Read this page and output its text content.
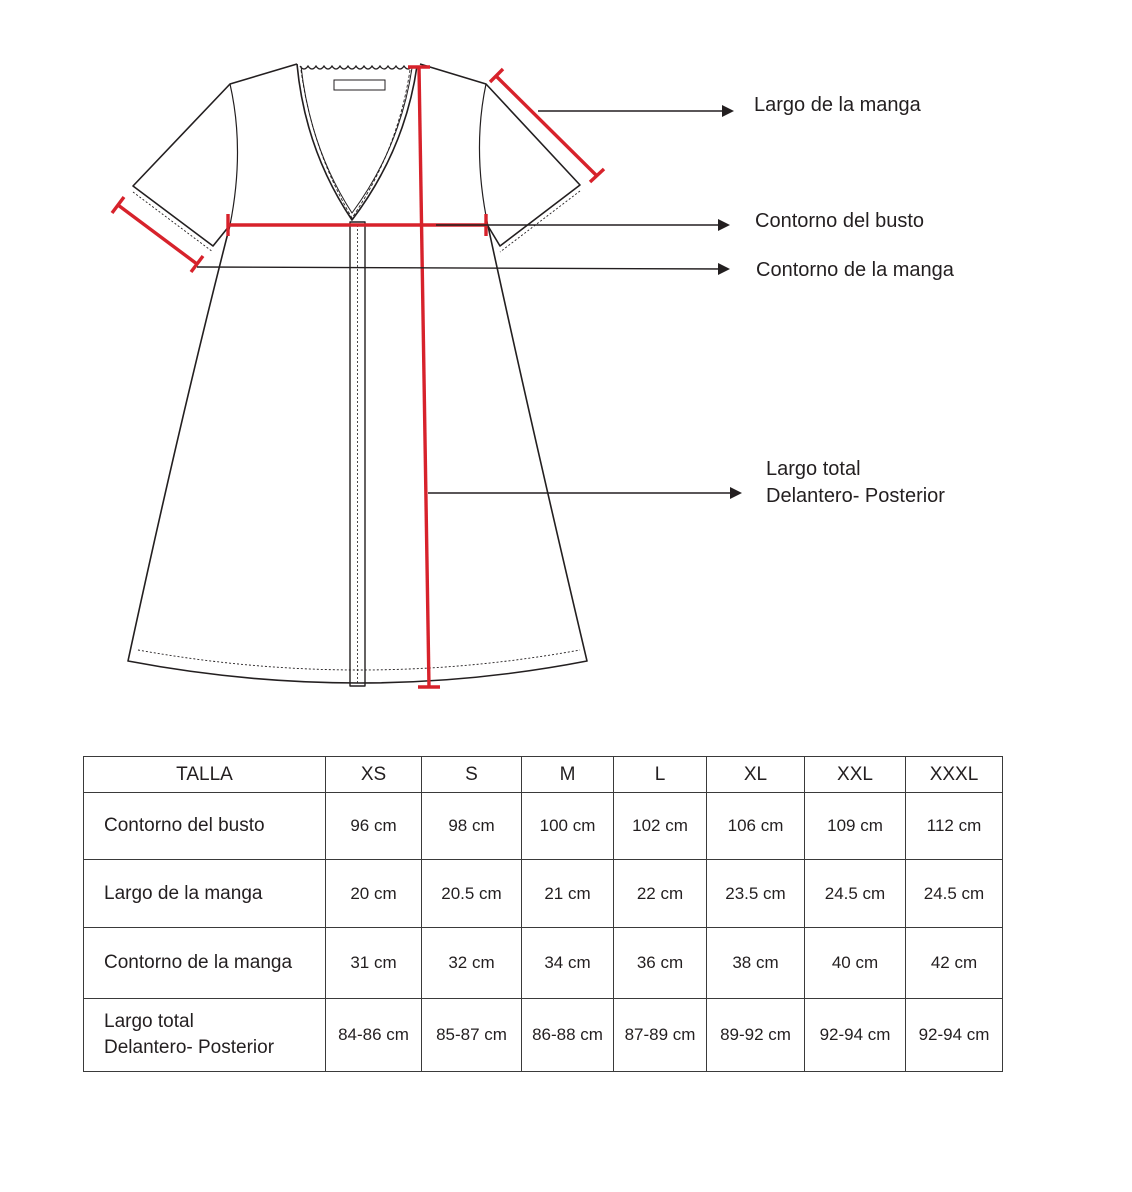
Largo de la manga
Contorno del busto
Contorno de la manga
Largo total
Delantero- Posterior
TALLA	XS	S	M	L	XL	XXL	XXXL

Contorno del busto	96 cm	98 cm	100 cm	102 cm	106 cm	109 cm	112 cm

Largo de la manga	20 cm	20.5 cm	21 cm	22 cm	23.5 cm	24.5 cm	24.5 cm

Contorno de la manga	31 cm	32 cm	34 cm	36 cm	38 cm	40 cm	42 cm

Largo total
Delantero- Posterior	84-86 cm	85-87 cm	86-88 cm	87-89 cm	89-92 cm	92-94 cm	92-94 cm
